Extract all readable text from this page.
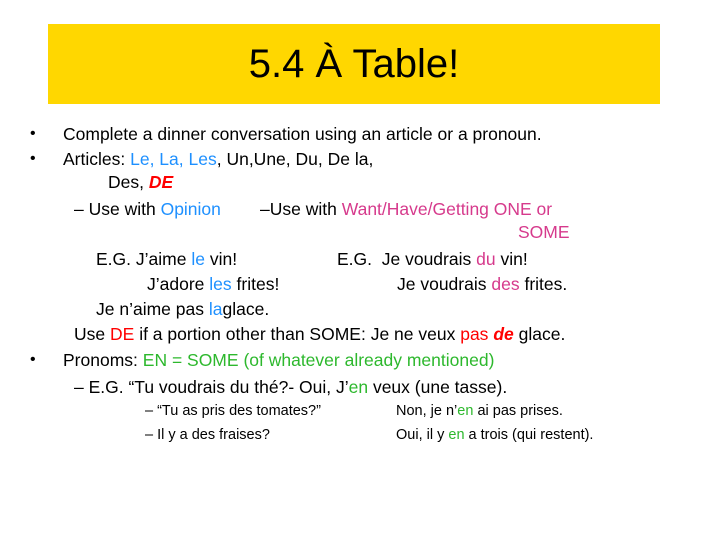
5.4 À Table!
• Complete a dinner conversation using an article or a pronoun.
• Articles: Le, La, Les, Un,Une, Du, De la,
Des, DE
– Use with Opinion –Use with Want/Have/Getting ONE or
SOME
E.G. J’aime le vin!	E.G. Je voudrais du vin!
J’adore les frites!	Je voudrais des frites.
Je n’aime pas laglace.
Use DE if a portion other than SOME: Je ne veux pas de glace.
• Pronoms: EN = SOME (of whatever already mentioned)
– E.G. “Tu voudrais du thé?- Oui, J’en veux (une tasse).
– “Tu as pris des tomates?”	Non, je n’en ai pas prises.
– Il y a des fraises?	Oui, il y en a trois (qui restent).
